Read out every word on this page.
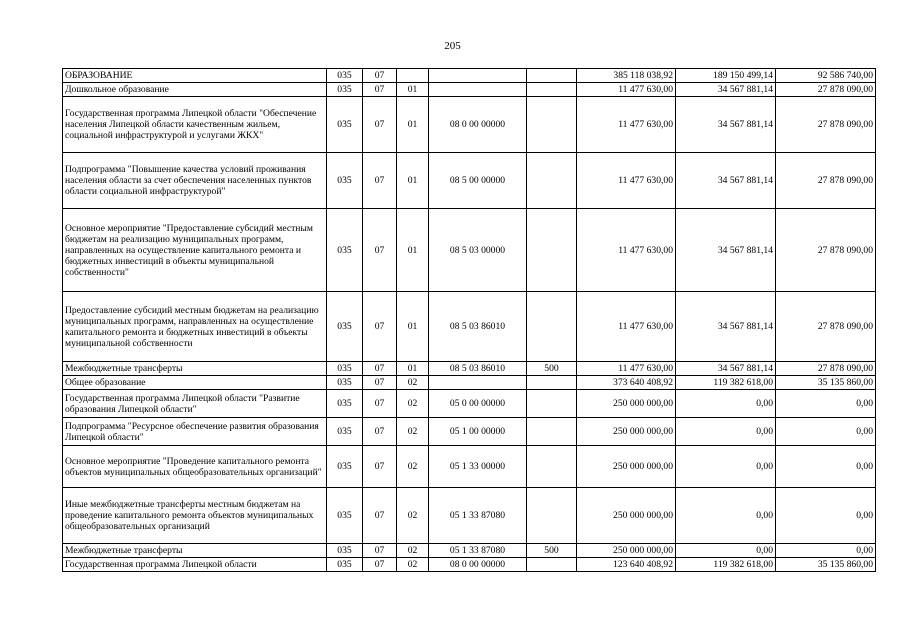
205
ОБРАЗОВАНИЕ	035	07				385 118 038,92	189 150 499,14	92 586 740,00
Дошкольное образование	035	07	01			11 477 630,00	34 567 881,14	27 878 090,00
Государственная программа Липецкой области "Обеспечение населения Липецкой области качественным жильем, социальной инфраструктурой и услугами ЖКХ"	035	07	01	08 0 00 00000		11 477 630,00	34 567 881,14	27 878 090,00
Подпрограмма "Повышение качества условий проживания населения области за счет обеспечения населенных пунктов области социальной инфраструктурой"	035	07	01	08 5 00 00000		11 477 630,00	34 567 881,14	27 878 090,00
Основное мероприятие "Предоставление субсидий местным бюджетам на реализацию муниципальных программ, направленных на осуществление капитального ремонта и бюджетных инвестиций в объекты муниципальной собственности"	035	07	01	08 5 03 00000		11 477 630,00	34 567 881,14	27 878 090,00
Предоставление субсидий местным бюджетам на реализацию муниципальных программ, направленных на осуществление капитального ремонта и бюджетных инвестиций в объекты муниципальной собственности	035	07	01	08 5 03 86010		11 477 630,00	34 567 881,14	27 878 090,00
Межбюджетные трансферты	035	07	01	08 5 03 86010	500	11 477 630,00	34 567 881,14	27 878 090,00
Общее образование	035	07	02			373 640 408,92	119 382 618,00	35 135 860,00
Государственная программа Липецкой области "Развитие образования Липецкой области"	035	07	02	05 0 00 00000		250 000 000,00	0,00	0,00
Подпрограмма "Ресурсное обеспечение развития образования Липецкой области"	035	07	02	05 1 00 00000		250 000 000,00	0,00	0,00
Основное мероприятие "Проведение капитального ремонта объектов муниципальных общеобразовательных организаций"	035	07	02	05 1 33 00000		250 000 000,00	0,00	0,00
Иные межбюджетные трансферты местным бюджетам на проведение капитального ремонта объектов муниципальных общеобразовательных организаций	035	07	02	05 1 33 87080		250 000 000,00	0,00	0,00
Межбюджетные трансферты	035	07	02	05 1 33 87080	500	250 000 000,00	0,00	0,00
Государственная программа Липецкой области	035	07	02	08 0 00 00000		123 640 408,92	119 382 618,00	35 135 860,00
